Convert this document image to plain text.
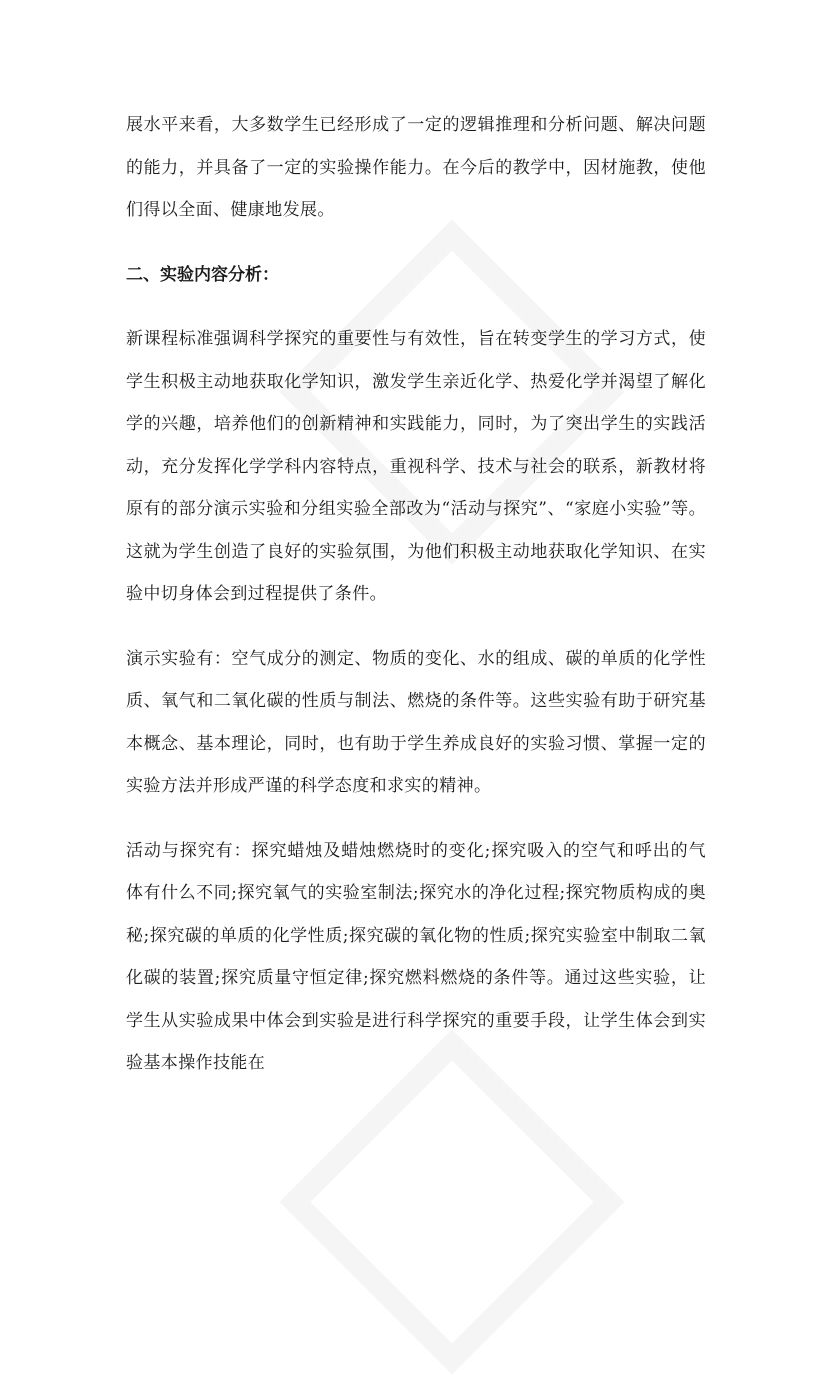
展水平来看，大多数学生已经形成了一定的逻辑推理和分析问题、解决问题的能力，并具备了一定的实验操作能力。在今后的教学中，因材施教，使他们得以全面、健康地发展。

二、实验内容分析：

新课程标准强调科学探究的重要性与有效性，旨在转变学生的学习方式，使学生积极主动地获取化学知识，激发学生亲近化学、热爱化学并渴望了解化学的兴趣，培养他们的创新精神和实践能力，同时，为了突出学生的实践活动，充分发挥化学学科内容特点，重视科学、技术与社会的联系，新教材将原有的部分演示实验和分组实验全部改为“活动与探究”、“家庭小实验”等。这就为学生创造了良好的实验氛围，为他们积极主动地获取化学知识、在实验中切身体会到过程提供了条件。

演示实验有：空气成分的测定、物质的变化、水的组成、碳的单质的化学性质、氧气和二氧化碳的性质与制法、燃烧的条件等。这些实验有助于研究基本概念、基本理论，同时，也有助于学生养成良好的实验习惯、掌握一定的实验方法并形成严谨的科学态度和求实的精神。

活动与探究有：探究蜡烛及蜡烛燃烧时的变化;探究吸入的空气和呼出的气体有什么不同;探究氧气的实验室制法;探究水的净化过程;探究物质构成的奥秘;探究碳的单质的化学性质;探究碳的氧化物的性质;探究实验室中制取二氧化碳的装置;探究质量守恒定律;探究燃料燃烧的条件等。通过这些实验，让学生从实验成果中体会到实验是进行科学探究的重要手段，让学生体会到实验基本操作技能在
